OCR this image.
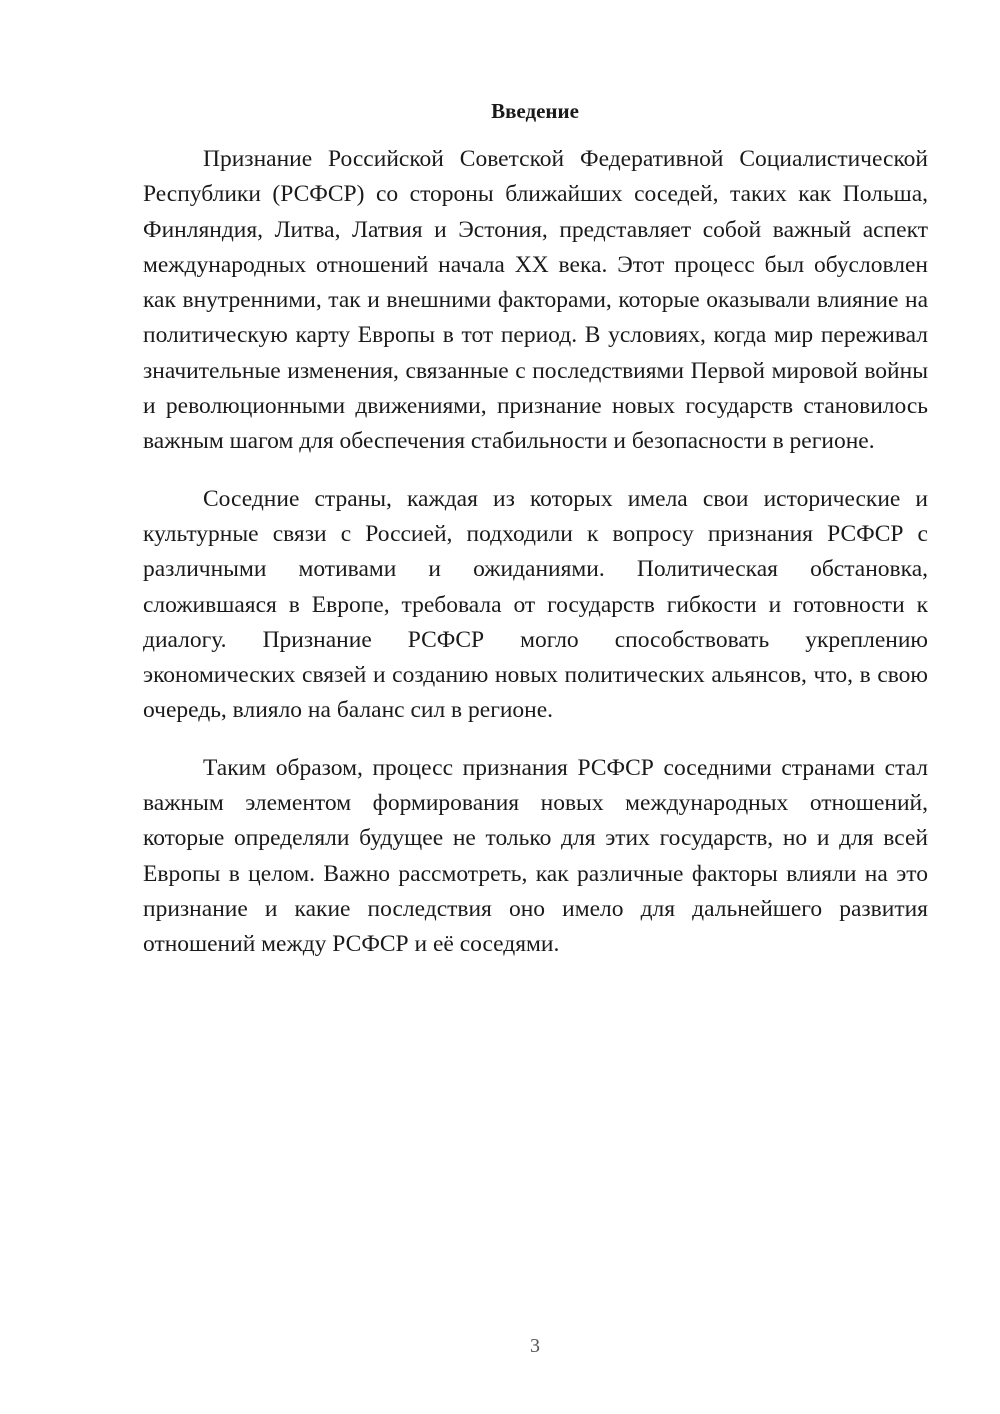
Введение

Признание Российской Советской Федеративной Социалистической Республики (РСФСР) со стороны ближайших соседей, таких как Польша, Финляндия, Литва, Латвия и Эстония, представляет собой важный аспект международных отношений начала XX века. Этот процесс был обусловлен как внутренними, так и внешними факторами, которые оказывали влияние на политическую карту Европы в тот период. В условиях, когда мир переживал значительные изменения, связанные с последствиями Первой мировой войны и революционными движениями, признание новых государств становилось важным шагом для обеспечения стабильности и безопасности в регионе.

Соседние страны, каждая из которых имела свои исторические и культурные связи с Россией, подходили к вопросу признания РСФСР с различными мотивами и ожиданиями. Политическая обстановка, сложившаяся в Европе, требовала от государств гибкости и готовности к диалогу. Признание РСФСР могло способствовать укреплению экономических связей и созданию новых политических альянсов, что, в свою очередь, влияло на баланс сил в регионе.

Таким образом, процесс признания РСФСР соседними странами стал важным элементом формирования новых международных отношений, которые определяли будущее не только для этих государств, но и для всей Европы в целом. Важно рассмотреть, как различные факторы влияли на это признание и какие последствия оно имело для дальнейшего развития отношений между РСФСР и её соседями.

3
